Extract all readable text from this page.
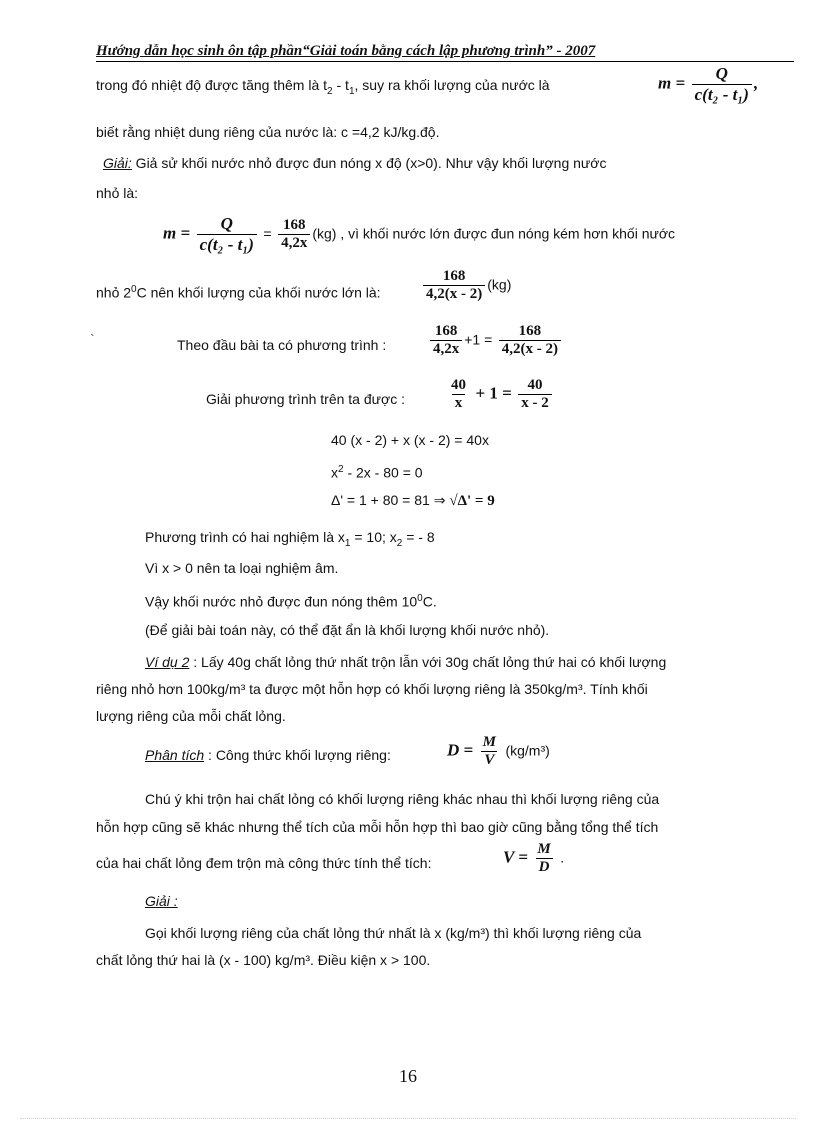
Hướng dẫn học sinh ôn tập phần“Giải toán bằng cách lập phương trình” - 2007
trong đó nhiệt độ được tăng thêm là $t_2 - t_1$, suy ra khối lượng của nước là	$m = \frac{Q}{\text{c(t₂ - t₁)}}$ ,
biết rằng nhiệt dung riêng của nước là: c =4,2 kJ/kg.độ.
Giải: Giả sử khối nước nhỏ được đun nóng x độ (x>0). Như vậy khối lượng nước
nhỏ là:
$m = \frac{Q}{\text{c(t₂ - t₁)}} = \frac{168}{4,2x} (kg)$ , vì khối nước lớn được đun nóng kém hơn khối nước
nhỏ $2^0C$ nên khối lượng của khối nước lớn là:	$\frac{168}{4,2(x - 2)} (kg)$
`	Theo đầu bài ta có phương trình :	$\frac{168}{4,2x} +1 = \frac{168}{4,2(x - 2)}$
Giải phương trình trên ta được :	$\frac{40}{x} + 1 = \frac{40}{x - 2}$
40 (x - 2) + x (x - 2) = 40x
$x^2 - 2x - 80 = 0$
Δ' = 1 + 80 = 81 ⇒ √Δ' = 9
Phương trình có hai nghiệm là $x_1 = 10$; $x_2$ = - 8
Vì x > 0 nên ta loại nghiệm âm.
Vậy khối nước nhỏ được đun nóng thêm $10^0C$.
(Để giải bài toán này, có thể đặt ẩn là khối lượng khối nước nhỏ).
Ví dụ 2 : Lấy 40g chất lỏng thứ nhất trộn lẫn với 30g chất lỏng thứ hai có khối lượng
riêng nhỏ hơn 100kg/m³ ta được một hỗn hợp có khối lượng riêng là 350kg/m³. Tính khối
lượng riêng của mỗi chất lỏng.
Phân tích : Công thức khối lượng riêng:	$D = \frac{M}{V} (kg/m^3)$
Chú ý khi trộn hai chất lỏng có khối lượng riêng khác nhau thì khối lượng riêng của
hỗn hợp cũng sẽ khác nhưng thể tích của mỗi hỗn hợp thì bao giờ cũng bằng tổng thể tích
của hai chất lỏng đem trộn mà công thức tính thể tích:	$V = \frac{M}{D}$ .
Giải :
Gọi khối lượng riêng của chất lỏng thứ nhất là x (kg/m³) thì khối lượng riêng của
chất lỏng thứ hai là (x - 100) kg/m³. Điều kiện x > 100.
16
